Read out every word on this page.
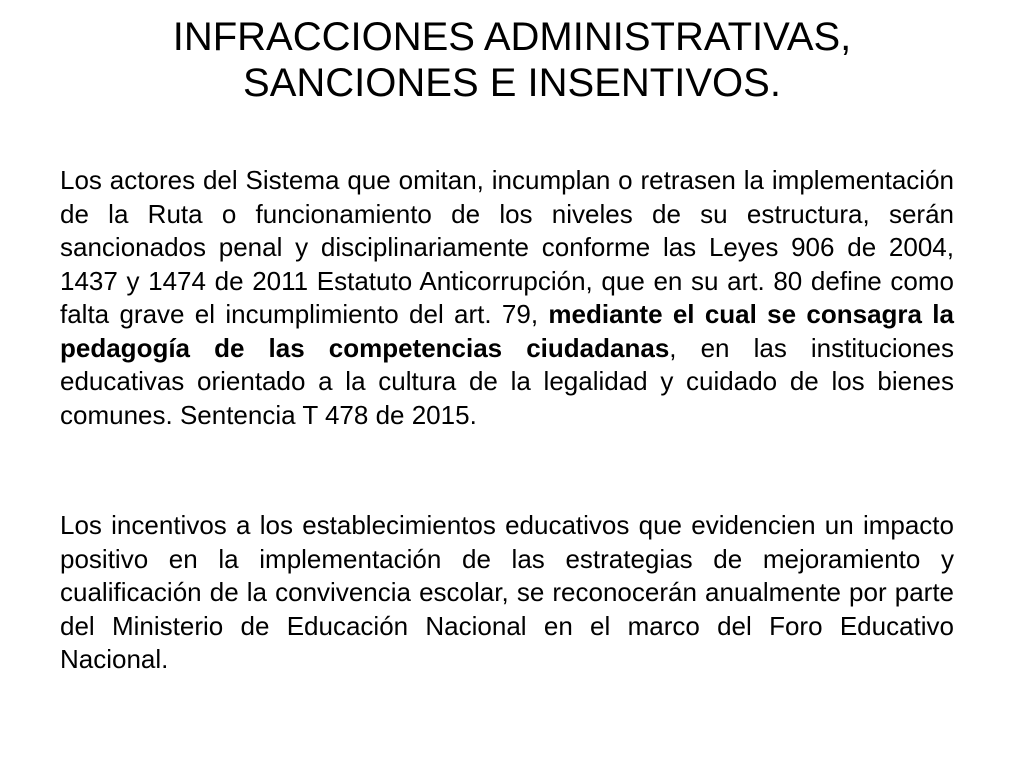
INFRACCIONES ADMINISTRATIVAS,
SANCIONES E INSENTIVOS.

Los actores del Sistema que omitan, incumplan o retrasen la implementación de la Ruta o funcionamiento de los niveles de su estructura, serán sancionados penal y disciplinariamente conforme las Leyes 906 de 2004, 1437 y 1474 de 2011 Estatuto Anticorrupción, que en su art. 80 define como falta grave el incumplimiento del art. 79, mediante el cual se consagra la pedagogía de las competencias ciudadanas, en las instituciones educativas orientado a la cultura de la legalidad y cuidado de los bienes comunes. Sentencia T 478 de 2015.

Los incentivos a los establecimientos educativos que evidencien un impacto positivo en la implementación de las estrategias de mejoramiento y cualificación de la convivencia escolar, se reconocerán anualmente por parte del Ministerio de Educación Nacional en el marco del Foro Educativo Nacional.
